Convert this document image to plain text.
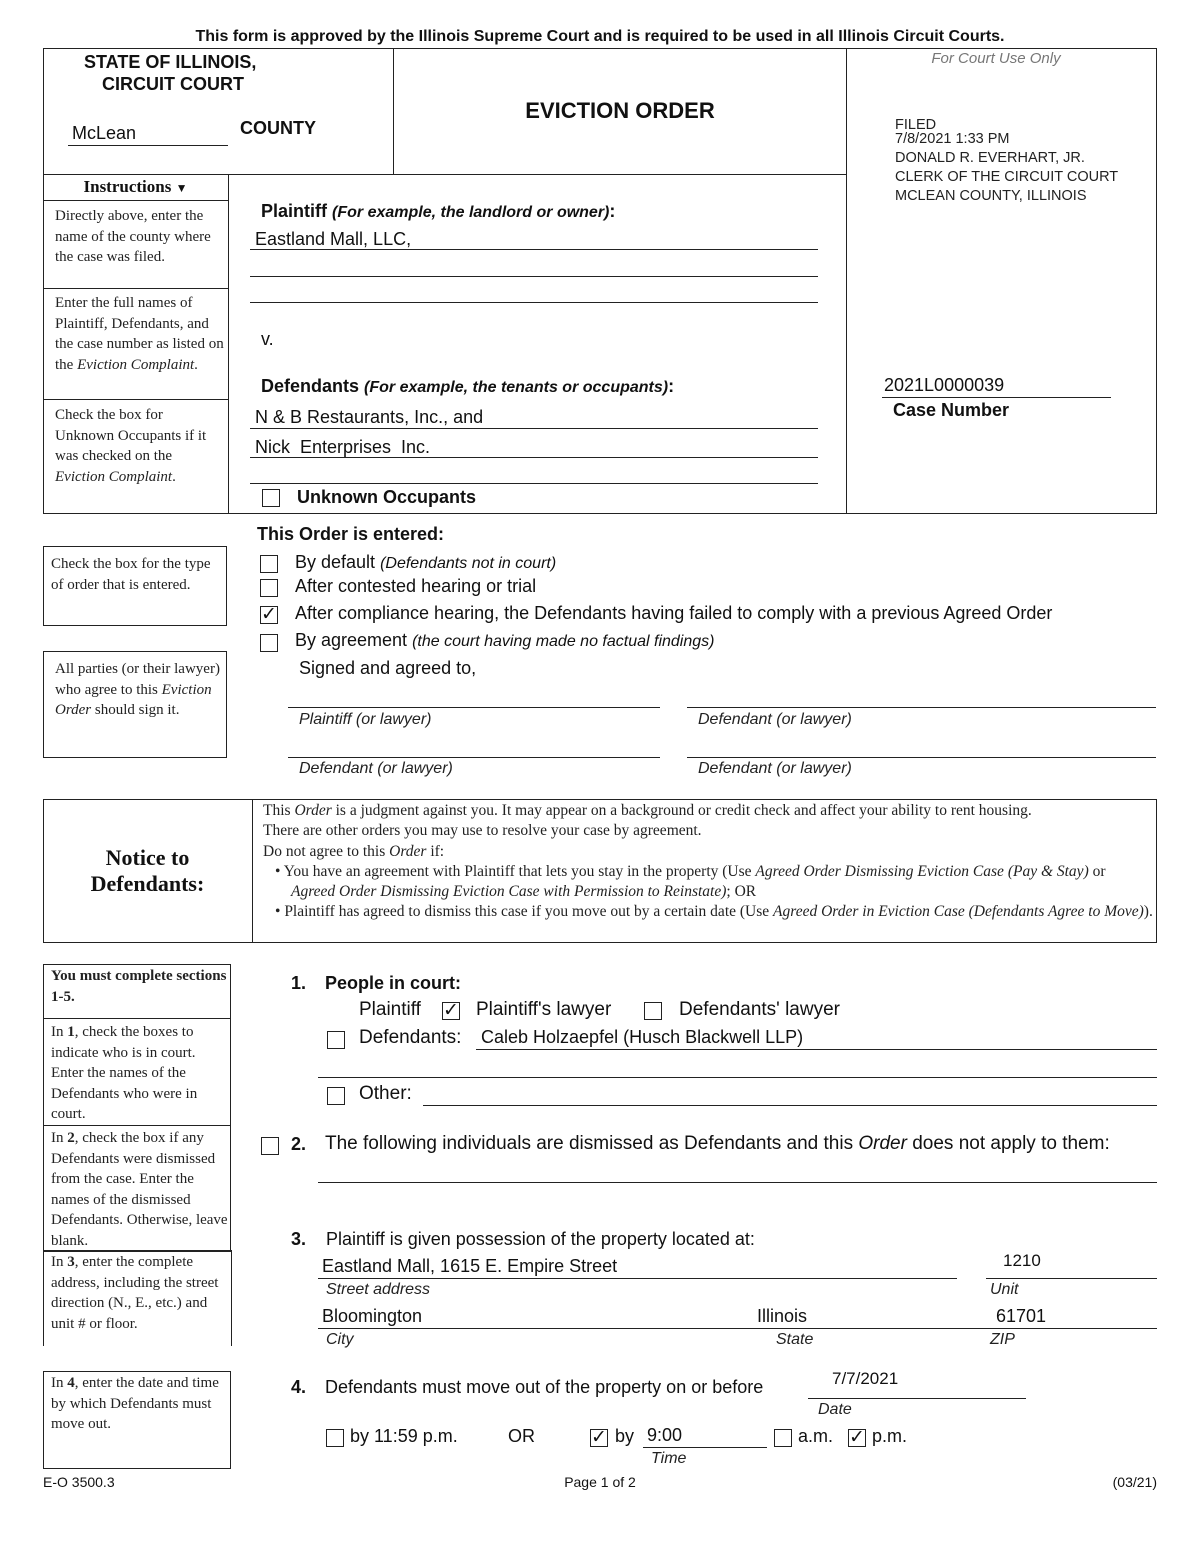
This form is approved by the Illinois Supreme Court and is required to be used in all Illinois Circuit Courts.
STATE OF ILLINOIS,
CIRCUIT COURT
McLean	COUNTY
EVICTION ORDER
For Court Use Only
FILED
7/8/2021 1:33 PM
DONALD R. EVERHART, JR.
CLERK OF THE CIRCUIT COURT
MCLEAN COUNTY, ILLINOIS
2021L0000039
Case Number
Instructions ▼
Directly above, enter the name of the county where the case was filed.
Enter the full names of Plaintiff, Defendants, and the case number as listed on the Eviction Complaint.
Check the box for Unknown Occupants if it was checked on the Eviction Complaint.
Plaintiff (For example, the landlord or owner):
Eastland Mall, LLC,
v.
Defendants (For example, the tenants or occupants):
N & B Restaurants, Inc., and
Nick  Enterprises  Inc.
Unknown Occupants
Check the box for the type of order that is entered.
This Order is entered:
By default (Defendants not in court)
After contested hearing or trial
✓ After compliance hearing, the Defendants having failed to comply with a previous Agreed Order
By agreement (the court having made no factual findings)
Signed and agreed to,
All parties (or their lawyer) who agree to this Eviction Order should sign it.
Plaintiff (or lawyer)	Defendant (or lawyer)
Defendant (or lawyer)	Defendant (or lawyer)
Notice to
Defendants:
This Order is a judgment against you. It may appear on a background or credit check and affect your ability to rent housing.
There are other orders you may use to resolve your case by agreement.
Do not agree to this Order if:
• You have an agreement with Plaintiff that lets you stay in the property (Use Agreed Order Dismissing Eviction Case (Pay & Stay) or Agreed Order Dismissing Eviction Case with Permission to Reinstate); OR
• Plaintiff has agreed to dismiss this case if you move out by a certain date (Use Agreed Order in Eviction Case (Defendants Agree to Move)).
You must complete sections 1-5.
In 1, check the boxes to indicate who is in court. Enter the names of the Defendants who were in court.
In 2, check the box if any Defendants were dismissed from the case. Enter the names of the dismissed Defendants. Otherwise, leave blank.
In 3, enter the complete address, including the street direction (N., E., etc.) and unit # or floor.
1. People in court:
Plaintiff ✓ Plaintiff's lawyer	Defendants' lawyer
Defendants: Caleb Holzaepfel (Husch Blackwell LLP)
Other:
2. The following individuals are dismissed as Defendants and this Order does not apply to them:
3. Plaintiff is given possession of the property located at:
Eastland Mall, 1615 E. Empire Street
Street address
1210
Unit
Bloomington	Illinois	61701
City	State	ZIP
In 4, enter the date and time by which Defendants must move out.
4. Defendants must move out of the property on or before	7/7/2021
Date
by 11:59 p.m.	OR	✓ by 9:00
Time
a.m. ✓ p.m.
E-O 3500.3	Page 1 of 2	(03/21)
